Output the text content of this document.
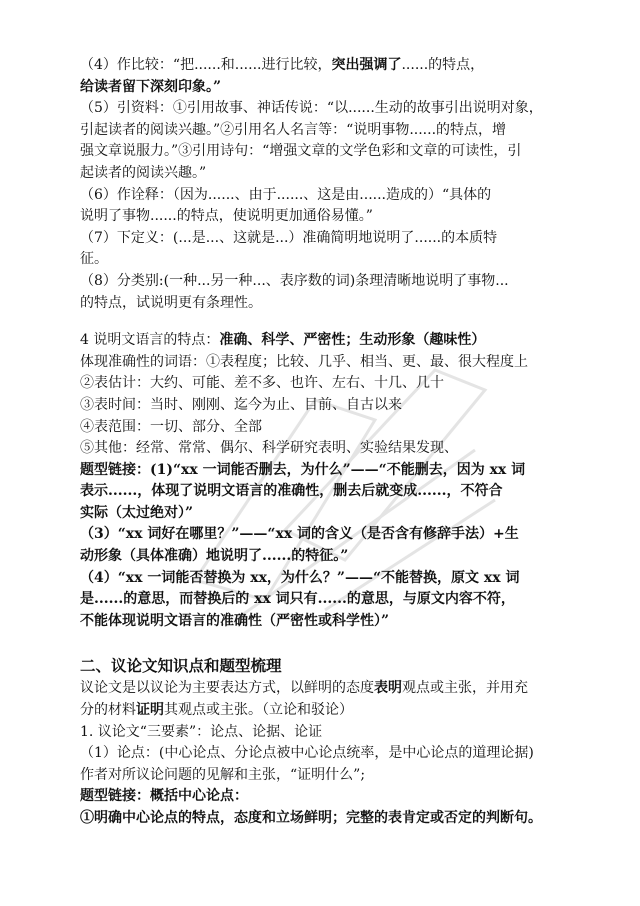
（4）作比较：“把......和......进行比较，突出强调了......的特点，
给读者留下深刻印象。”
（5）引资料：①引用故事、神话传说：“以......生动的故事引出说明对象，
引起读者的阅读兴趣。”②引用名人名言等：“说明事物......的特点，增
强文章说服力。”③引用诗句：“增强文章的文学色彩和文章的可读性，引
起读者的阅读兴趣。”
（6）作诠释：（因为......、由于......、这是由......造成的）“具体的
说明了事物......的特点，使说明更加通俗易懂。”
（7）下定义：(...是...、这就是...）准确简明地说明了......的本质特
征。
（8）分类别:(一种...另一种...、表序数的词)条理清晰地说明了事物...
的特点，试说明更有条理性。
4 说明文语言的特点：准确、科学、严密性；生动形象（趣味性）
体现准确性的词语：①表程度；比较、几乎、相当、更、最、很大程度上
②表估计：大约、可能、差不多、也许、左右、十几、几十
③表时间：当时、刚刚、迄今为止、目前、自古以来
④表范围：一切、部分、全部
⑤其他：经常、常常、偶尔、科学研究表明、实验结果发现、
题型链接：(1)“xx 一词能否删去，为什么”——“不能删去，因为 xx 词
表示......，体现了说明文语言的准确性，删去后就变成......，不符合
实际（太过绝对）”
（3）“xx 词好在哪里？”——“xx 词的含义（是否含有修辞手法）+生
动形象（具体准确）地说明了......的特征。”
（4）“xx 一词能否替换为 xx，为什么？”——“不能替换，原文 xx 词
是......的意思，而替换后的 xx 词只有......的意思，与原文内容不符，
不能体现说明文语言的准确性（严密性或科学性）”
二、议论文知识点和题型梳理
议论文是以议论为主要表达方式，以鲜明的态度表明观点或主张，并用充
分的材料证明其观点或主张。（立论和驳论）
1. 议论文“三要素”：论点、论据、论证
（1）论点：(中心论点、分论点被中心论点统率，是中心论点的道理论据)
作者对所议论问题的见解和主张，“证明什么”;
题型链接：概括中心论点：
①明确中心论点的特点，态度和立场鲜明；完整的表肯定或否定的判断句。
